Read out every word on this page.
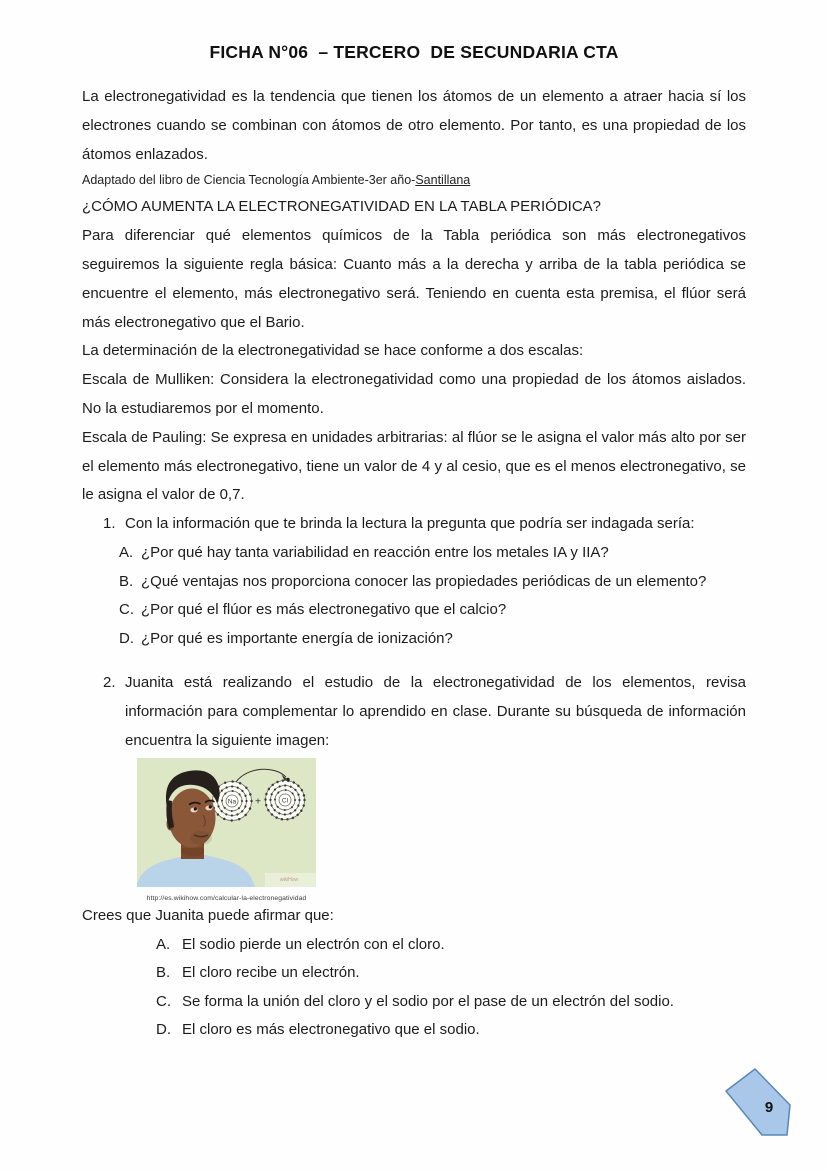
FICHA N°06  – TERCERO  DE SECUNDARIA CTA

La electronegatividad es la tendencia que tienen los átomos de un elemento a atraer hacia sí los electrones cuando se combinan con átomos de otro elemento. Por tanto, es una propiedad de los átomos enlazados.

Adaptado del libro de Ciencia Tecnología Ambiente-3er año-Santillana

¿CÓMO AUMENTA LA ELECTRONEGATIVIDAD EN LA TABLA PERIÓDICA?

Para diferenciar qué elementos químicos de la Tabla periódica son más electronegativos seguiremos la siguiente regla básica: Cuanto más a la derecha y arriba de la tabla periódica se encuentre el elemento, más electronegativo será. Teniendo en cuenta esta premisa, el flúor será más electronegativo que el Bario.

La determinación de la electronegatividad se hace conforme a dos escalas:

Escala de Mulliken: Considera la electronegatividad como una propiedad de los átomos aislados. No la estudiaremos por el momento.

Escala de Pauling: Se expresa en unidades arbitrarias: al flúor se le asigna el valor más alto por ser el elemento más electronegativo, tiene un valor de 4 y al cesio, que es el menos electronegativo, se le asigna el valor de 0,7.

1. Con la información que te brinda la lectura la pregunta que podría ser indagada sería:
A. ¿Por qué hay tanta variabilidad en reacción entre los metales IA y IIA?
B. ¿Qué ventajas nos proporciona conocer las propiedades periódicas de un elemento?
C. ¿Por qué el flúor es más electronegativo que el calcio?
D. ¿Por qué es importante energía de ionización?
2. Juanita está realizando el estudio de la electronegatividad de los elementos, revisa información para complementar lo aprendido en clase. Durante su búsqueda de información encuentra la siguiente imagen:
Na +	Cl
wikiHow
http://es.wikihow.com/calcular-la-electronegatividad

Crees que Juanita puede afirmar que:

A. El sodio pierde un electrón con el cloro.
B. El cloro recibe un electrón.
C. Se forma la unión del cloro y el sodio por el pase de un electrón del sodio.
D. El cloro es más electronegativo que el sodio.
9
